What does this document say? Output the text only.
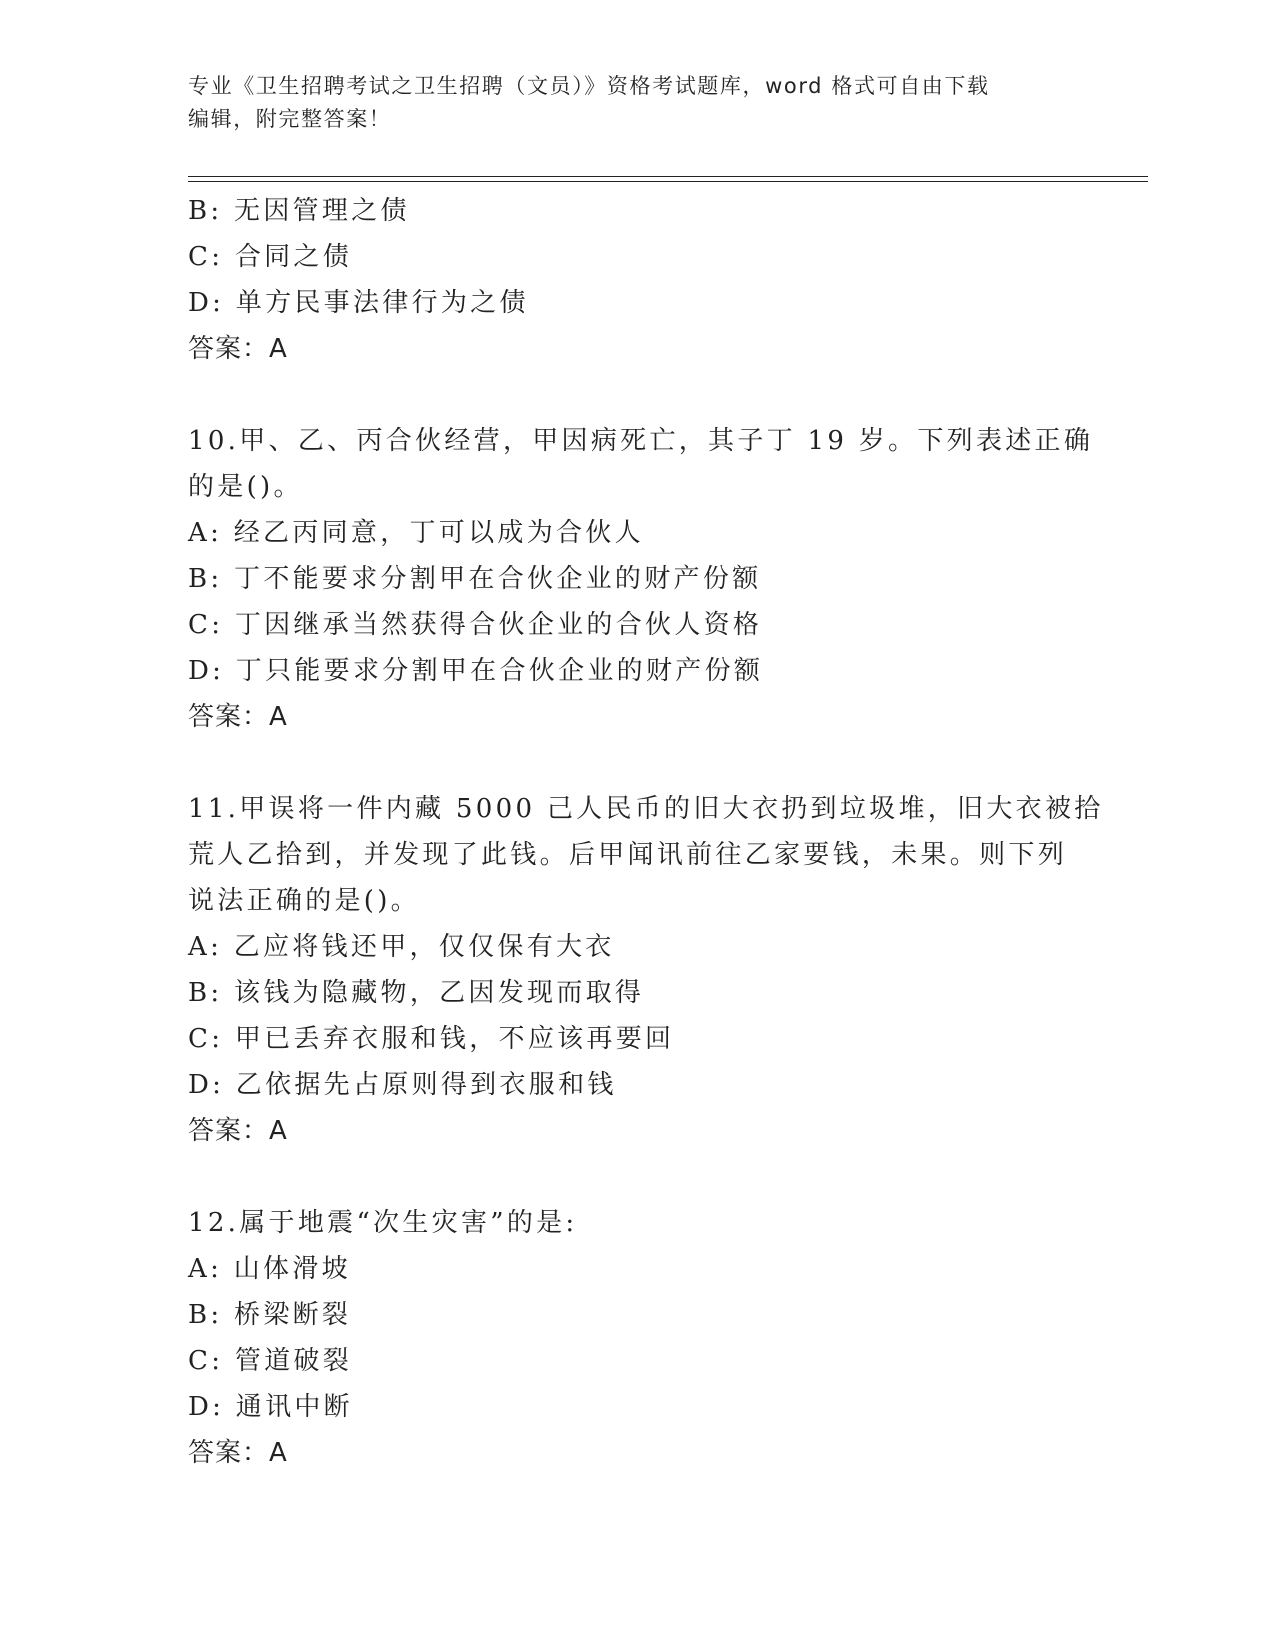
专业《卫生招聘考试之卫生招聘（文员）》资格考试题库，word 格式可自由下载
编辑，附完整答案！
B: 无因管理之债
C: 合同之债
D: 单方民事法律行为之债
答案：A
10.甲、乙、丙合伙经营，甲因病死亡，其子丁 19 岁。下列表述正确
的是()。
A: 经乙丙同意，丁可以成为合伙人
B: 丁不能要求分割甲在合伙企业的财产份额
C: 丁因继承当然获得合伙企业的合伙人资格
D: 丁只能要求分割甲在合伙企业的财产份额
答案：A
11.甲误将一件内藏 5000 己人民币的旧大衣扔到垃圾堆，旧大衣被拾
荒人乙拾到，并发现了此钱。后甲闻讯前往乙家要钱，未果。则下列
说法正确的是()。
A: 乙应将钱还甲，仅仅保有大衣
B: 该钱为隐藏物，乙因发现而取得
C: 甲已丢弃衣服和钱，不应该再要回
D: 乙依据先占原则得到衣服和钱
答案：A
12.属于地震“次生灾害”的是:
A: 山体滑坡
B: 桥梁断裂
C: 管道破裂
D: 通讯中断
答案：A
